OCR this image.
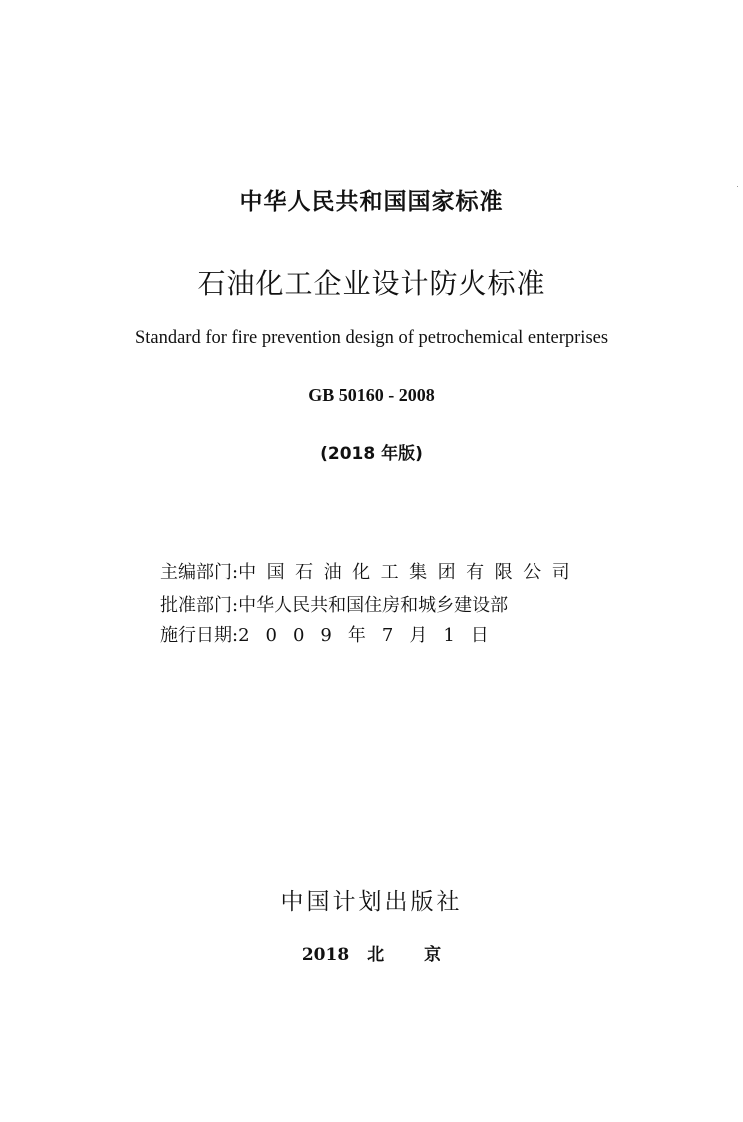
中华人民共和国国家标准
石油化工企业设计防火标准
Standard for fire prevention design of petrochemical enterprises
GB 50160 - 2008
(2018 年版)
主编部门:中国石油化工集团有限公司
批准部门:中华人民共和国住房和城乡建设部
施行日期:2009年7月1日
中国计划出版社
2018 北 京
